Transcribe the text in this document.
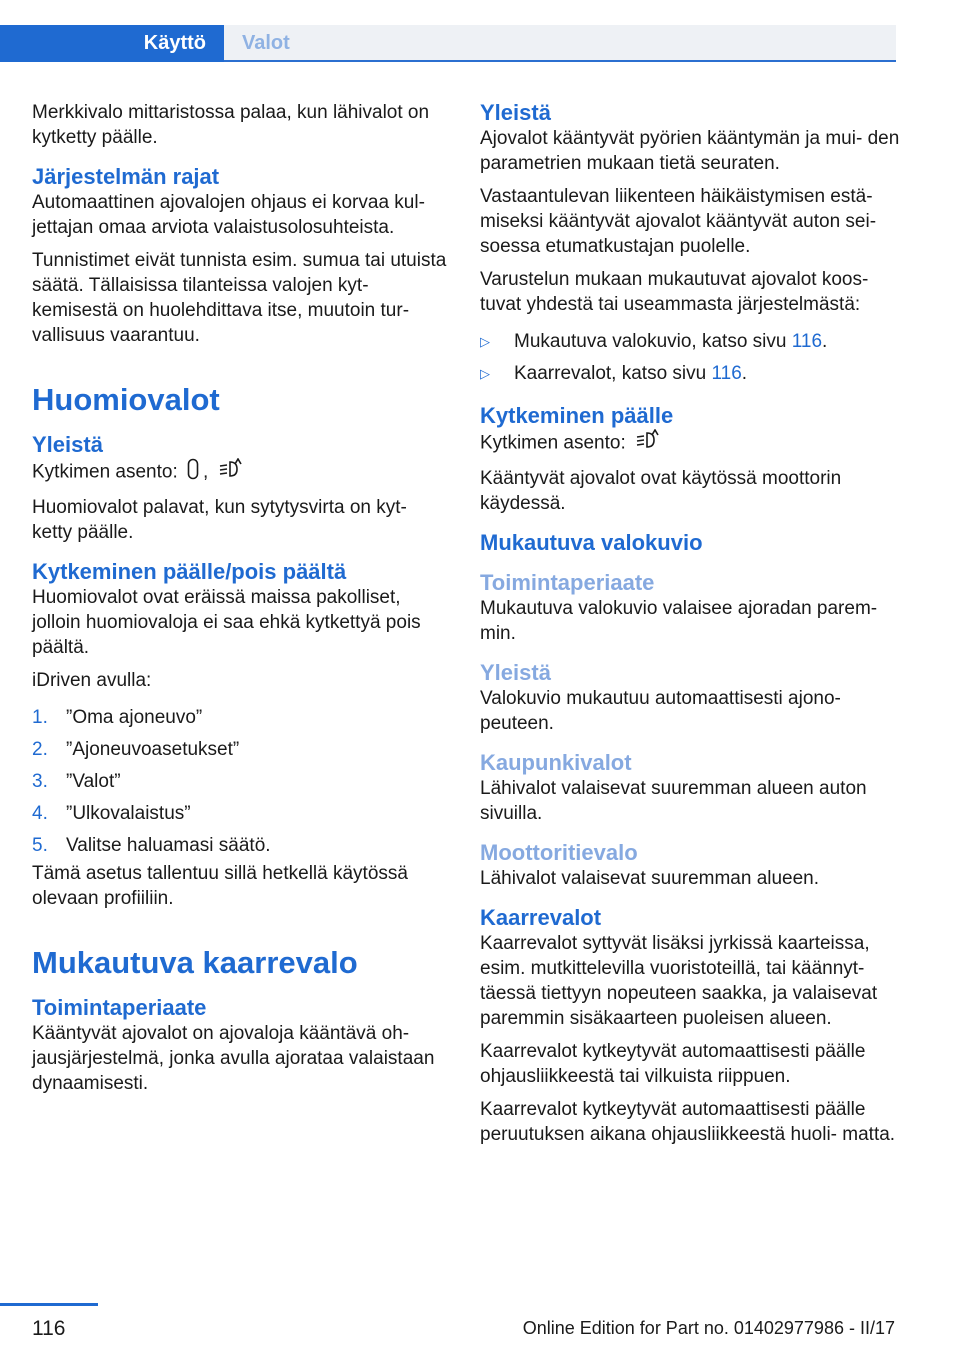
Käyttö Valot

Merkkivalo mittaristossa palaa, kun lähivalot on kytketty päälle.

Järjestelmän rajat

Automaattinen ajovalojen ohjaus ei korvaa kul- jettajan omaa arviota valaistusolosuhteista.

Tunnistimet eivät tunnista esim. sumua tai utuista säätä. Tällaisissa tilanteissa valojen kyt- kemisestä on huolehdittava itse, muutoin tur- vallisuus vaarantuu.

Huomiovalot
Yleistä

Kytkimen asento: ,

Huomiovalot palavat, kun sytytysvirta on kyt- ketty päälle.

Kytkeminen päälle/pois päältä

Huomiovalot ovat eräissä maissa pakolliset, jolloin huomiovaloja ei saa ehkä kytkettyä pois päältä.

iDriven avulla:

1. ”Oma ajoneuvo”
2. ”Ajoneuvoasetukset”
3. ”Valot”
4. ”Ulkovalaistus”
5. Valitse haluamasi säätö.

Tämä asetus tallentuu sillä hetkellä käytössä olevaan profiiliin.

Mukautuva kaarrevalo
Toimintaperiaate

Kääntyvät ajovalot on ajovaloja kääntävä oh- jausjärjestelmä, jonka avulla ajorataa valaistaan dynaamisesti.

Yleistä

Ajovalot kääntyvät pyörien kääntymän ja mui- den parametrien mukaan tietä seuraten.

Vastaantulevan liikenteen häikäistymisen estä- miseksi kääntyvät ajovalot kääntyvät auton sei- soessa etumatkustajan puolelle.

Varustelun mukaan mukautuvat ajovalot koos- tuvat yhdestä tai useammasta järjestelmästä:

▷	Mukautuva valokuvio, katso sivu 116.
▷	Kaarrevalot, katso sivu 116.
Kytkeminen päälle

Kytkimen asento:

Kääntyvät ajovalot ovat käytössä moottorin käydessä.

Mukautuva valokuvio
Toimintaperiaate

Mukautuva valokuvio valaisee ajoradan parem- min.

Yleistä

Valokuvio mukautuu automaattisesti ajono- peuteen.

Kaupunkivalot

Lähivalot valaisevat suuremman alueen auton sivuilla.

Moottoritievalo

Lähivalot valaisevat suuremman alueen.

Kaarrevalot

Kaarrevalot syttyvät lisäksi jyrkissä kaarteissa, esim. mutkittelevilla vuoristoteillä, tai käännyt- täessä tiettyyn nopeuteen saakka, ja valaisevat paremmin sisäkaarteen puoleisen alueen.

Kaarrevalot kytkeytyvät automaattisesti päälle ohjausliikkeestä tai vilkuista riippuen.

Kaarrevalot kytkeytyvät automaattisesti päälle peruutuksen aikana ohjausliikkeestä huoli- matta.

116	Online Edition for Part no. 01402977986 - II/17
